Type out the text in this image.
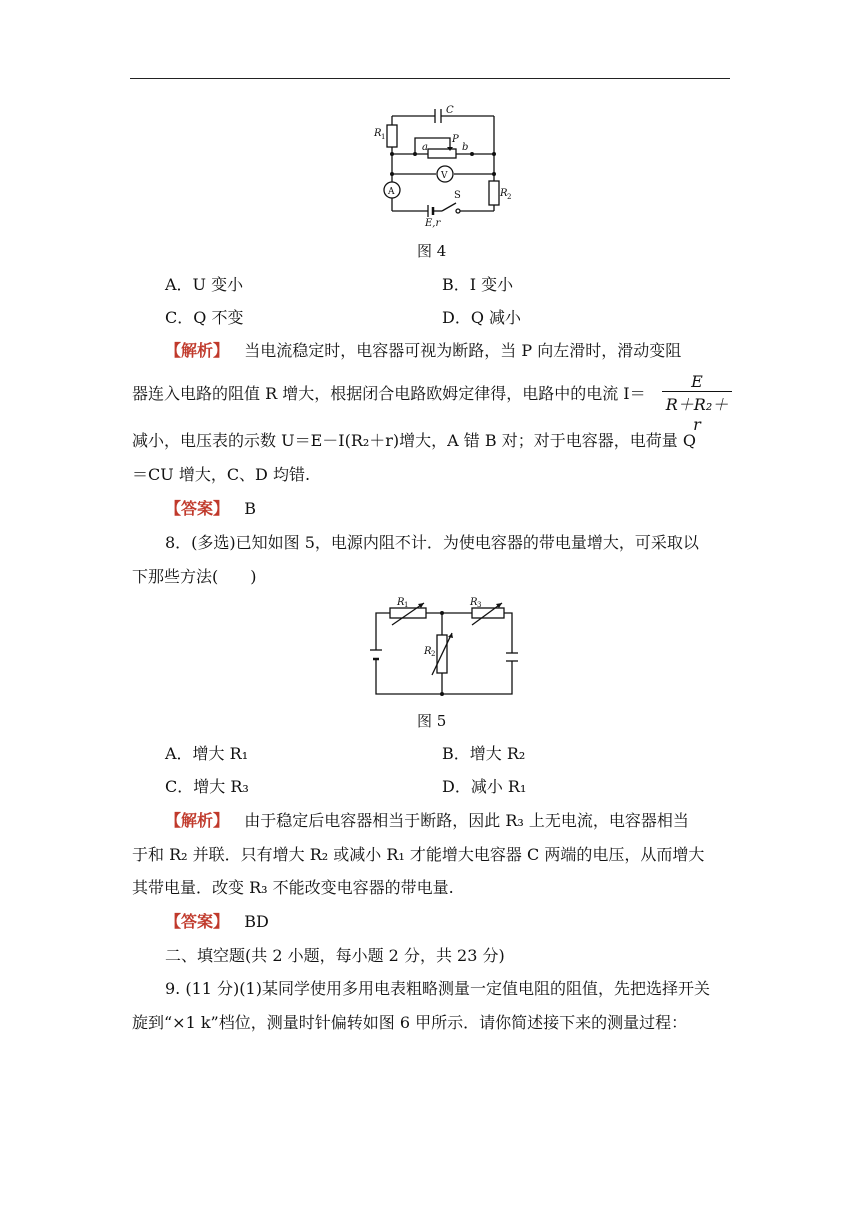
C
R 1
a
P
b
V
A	S	R 2
E,r
图 4
A．U 变小	B．I 变小
C．Q 不变	D．Q 减小
【解析】 当电流稳定时，电容器可视为断路，当 P 向左滑时，滑动变阻
器连入电路的阻值 R 增大，根据闭合电路欧姆定律得，电路中的电流 $I= \frac{E}{\text{R＋R₂＋r}}$
减小，电压表的示数 U＝E－I(R₂＋r)增大，A 错 B 对；对于电容器，电荷量 Q
＝CU 增大，C、D 均错.
【答案】 B
8．(多选)已知如图 5，电源内阻不计．为使电容器的带电量增大，可采取以
下那些方法(　　)
R 1	R 3
R 2
图 5
A．增大 R₁	B．增大 R₂
C．增大 R₃	D．减小 R₁
【解析】 由于稳定后电容器相当于断路，因此 R₃ 上无电流，电容器相当
于和 R₂ 并联．只有增大 R₂ 或减小 R₁ 才能增大电容器 C 两端的电压，从而增大
其带电量．改变 R₃ 不能改变电容器的带电量.
【答案】 BD
二、填空题(共 2 小题，每小题 2 分，共 23 分)
9. (11 分)(1)某同学使用多用电表粗略测量一定值电阻的阻值，先把选择开关
旋到“×1 k”档位，测量时针偏转如图 6 甲所示．请你简述接下来的测量过程：
